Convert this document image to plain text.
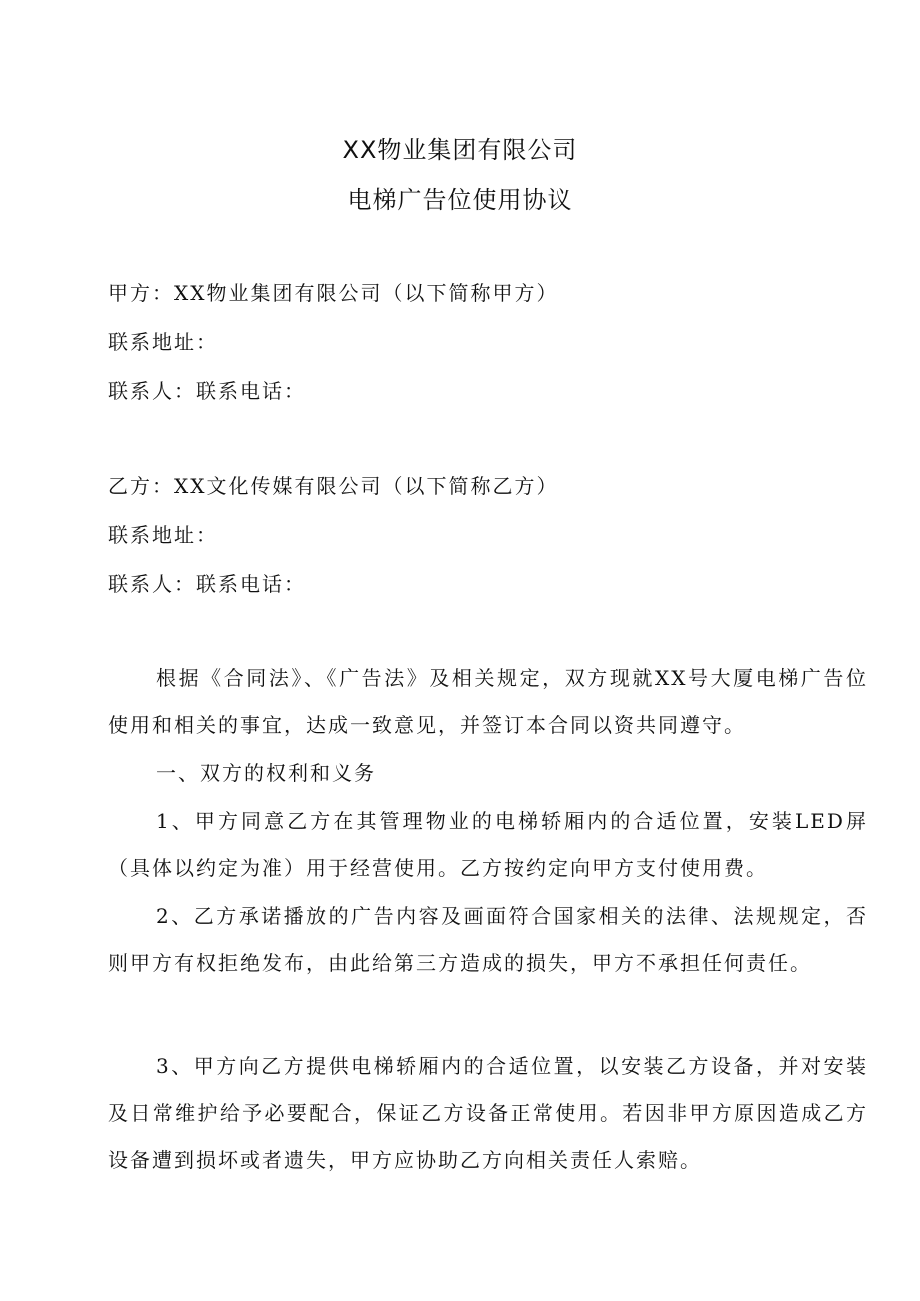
XX物业集团有限公司
电梯广告位使用协议
甲方：XX物业集团有限公司（以下简称甲方）
联系地址：
联系人：联系电话：
乙方：XX文化传媒有限公司（以下简称乙方）
联系地址：
联系人：联系电话：
根据《合同法》、《广告法》及相关规定，双方现就XX号大厦电梯广告位使用和相关的事宜，达成一致意见，并签订本合同以资共同遵守。
一、双方的权利和义务
1、甲方同意乙方在其管理物业的电梯轿厢内的合适位置，安装LED屏（具体以约定为准）用于经营使用。乙方按约定向甲方支付使用费。
2、乙方承诺播放的广告内容及画面符合国家相关的法律、法规规定，否则甲方有权拒绝发布，由此给第三方造成的损失，甲方不承担任何责任。
3、甲方向乙方提供电梯轿厢内的合适位置，以安装乙方设备，并对安装及日常维护给予必要配合，保证乙方设备正常使用。若因非甲方原因造成乙方设备遭到损坏或者遗失，甲方应协助乙方向相关责任人索赔。
